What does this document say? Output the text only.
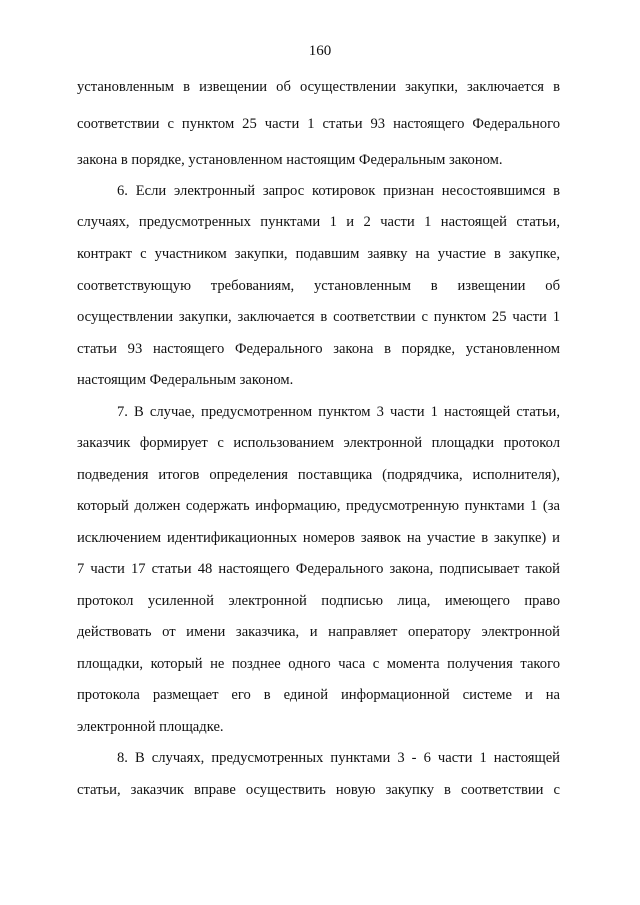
160
установленным в извещении об осуществлении закупки, заключается в
соответствии с пунктом 25 части 1 статьи 93 настоящего Федерального
закона в порядке, установленном настоящим Федеральным законом.
6. Если электронный запрос котировок признан несостоявшимся в
случаях, предусмотренных пунктами 1 и 2 части 1 настоящей статьи,
контракт с участником закупки, подавшим заявку на участие в закупке,
соответствующую требованиям, установленным в извещении об
осуществлении закупки, заключается в соответствии с пунктом 25 части 1
статьи 93 настоящего Федерального закона в порядке, установленном
настоящим Федеральным законом.
7. В случае, предусмотренном пунктом 3 части 1 настоящей статьи,
заказчик формирует с использованием электронной площадки протокол
подведения итогов определения поставщика (подрядчика, исполнителя),
который должен содержать информацию, предусмотренную пунктами 1 (за
исключением идентификационных номеров заявок на участие в закупке) и
7 части 17 статьи 48 настоящего Федерального закона, подписывает такой
протокол усиленной электронной подписью лица, имеющего право
действовать от имени заказчика, и направляет оператору электронной
площадки, который не позднее одного часа с момента получения такого
протокола размещает его в единой информационной системе и на
электронной площадке.
8. В случаях, предусмотренных пунктами 3 - 6 части 1 настоящей
статьи, заказчик вправе осуществить новую закупку в соответствии с
